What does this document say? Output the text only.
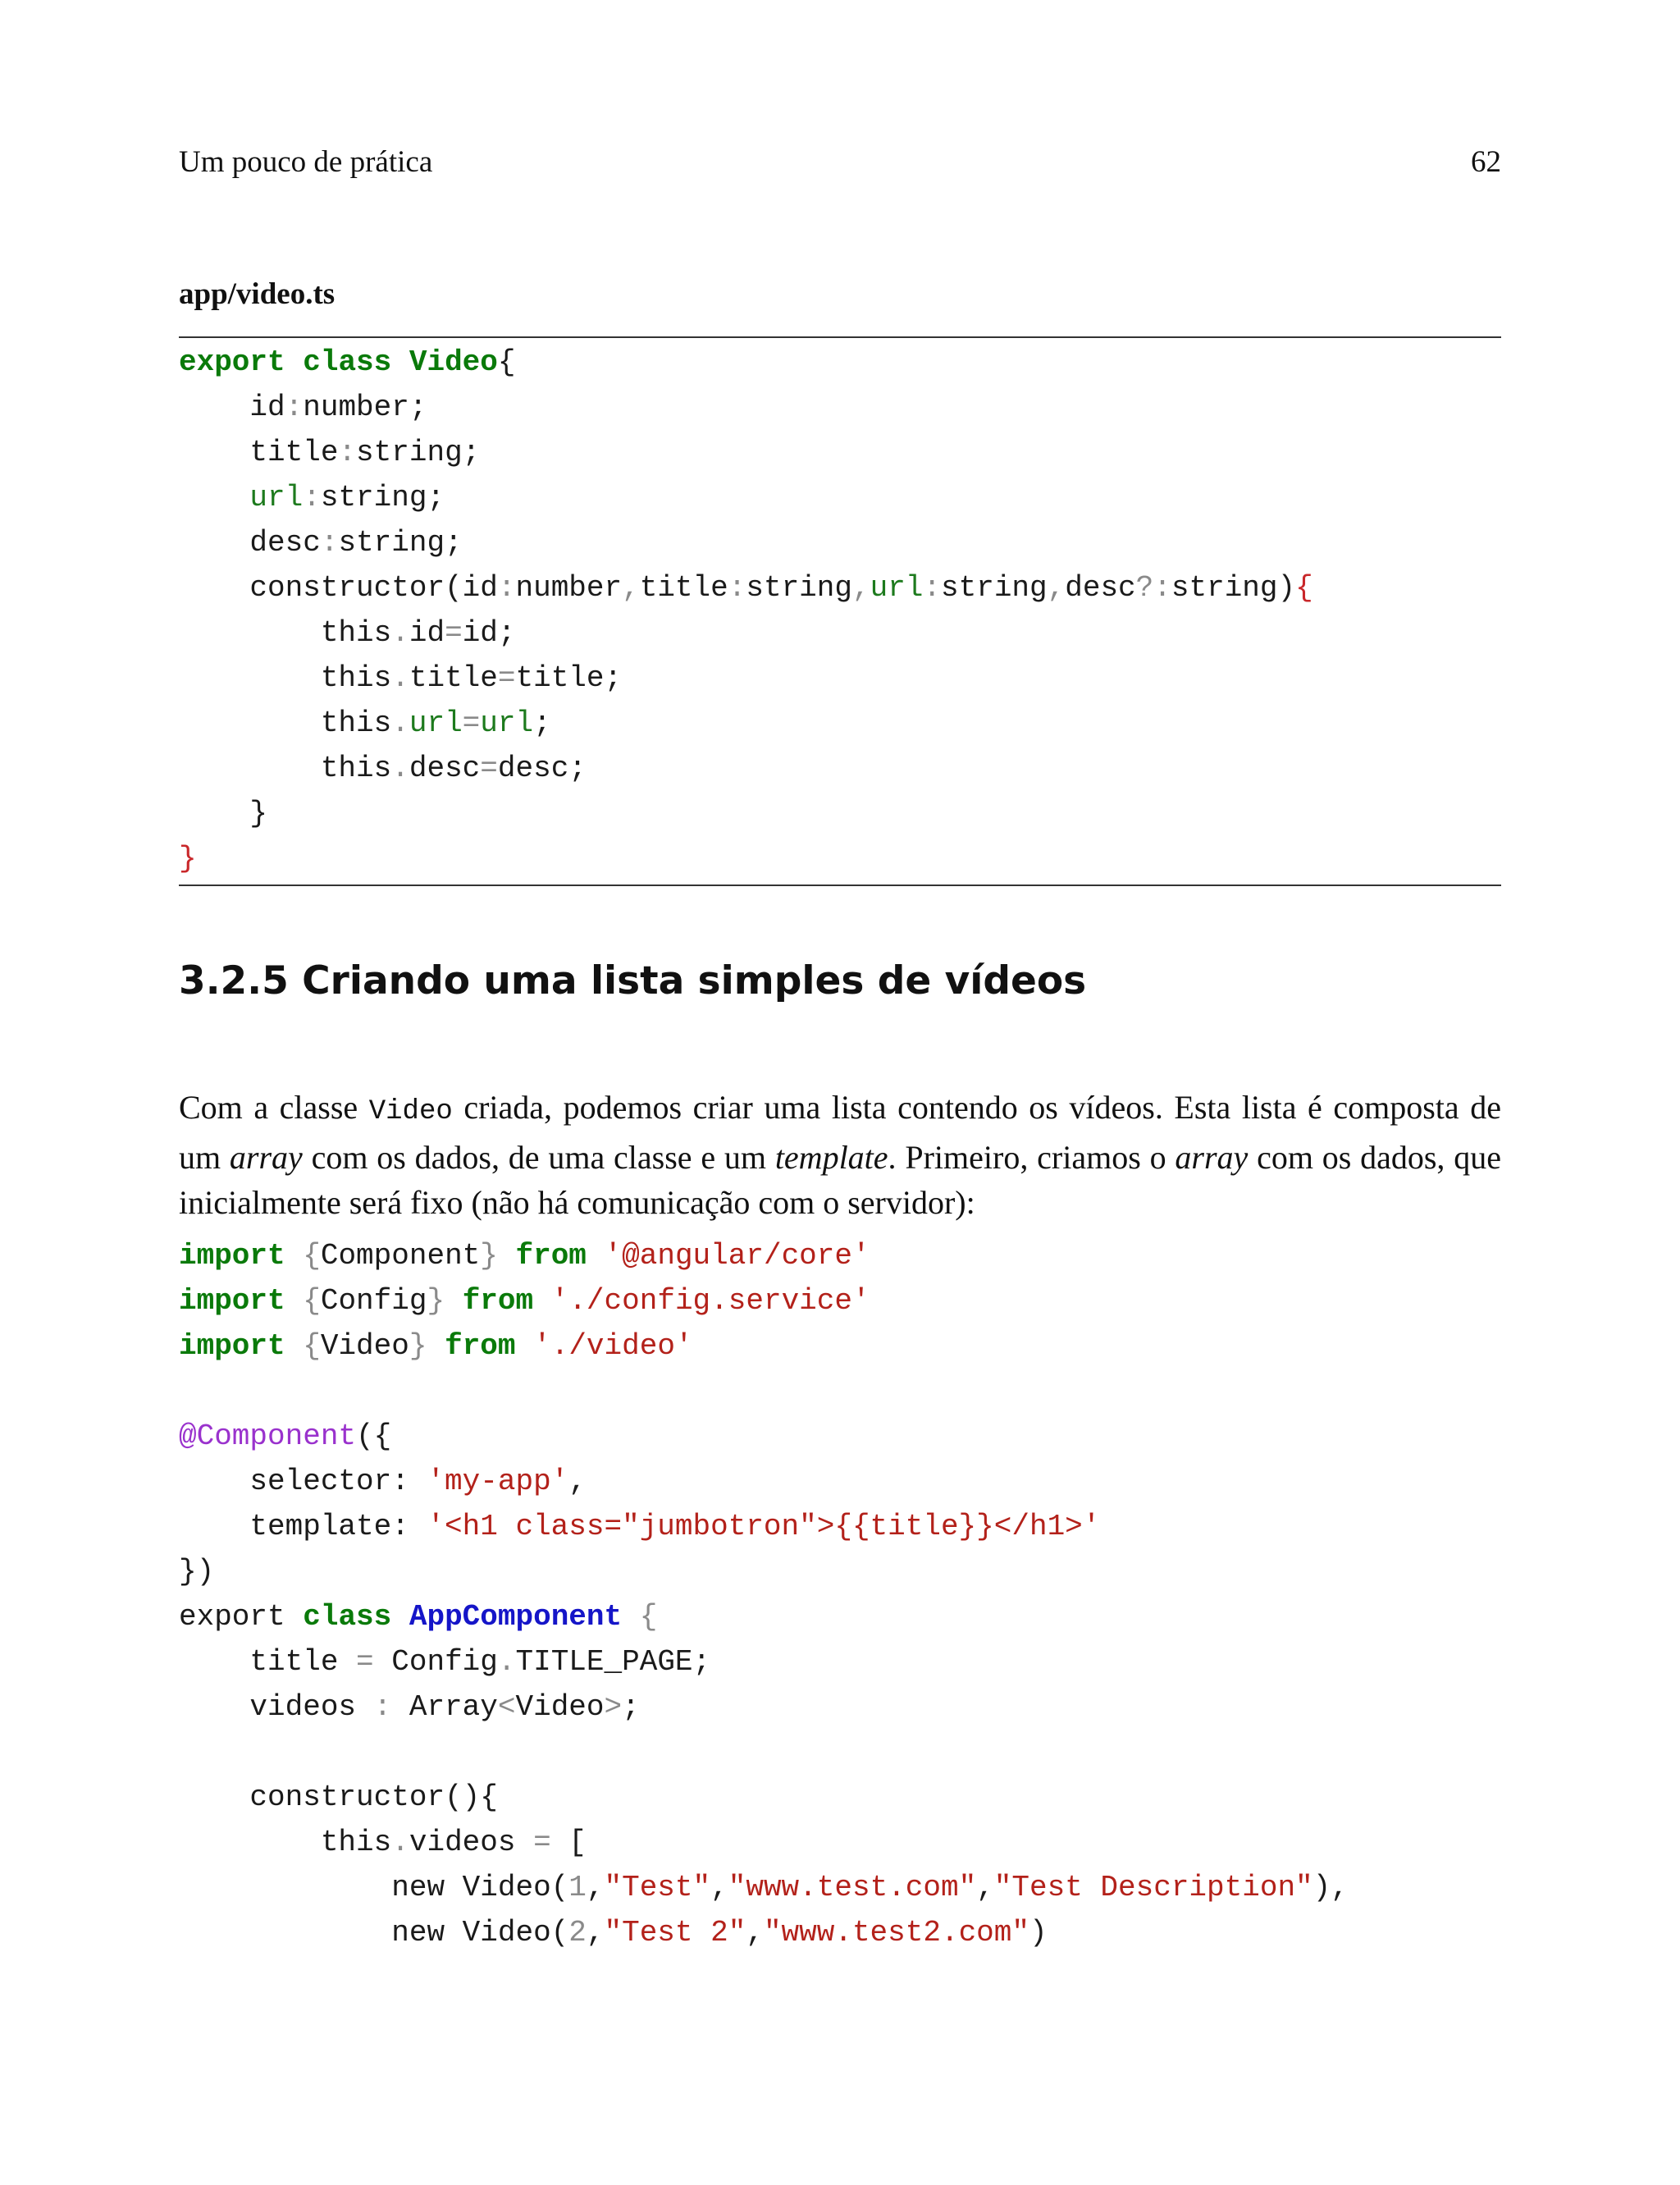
Um pouco de prática	62
app/video.ts
export class Video{
id:number;
title:string;
url:string;
desc:string;
constructor(id:number,title:string,url:string,desc?:string){
this.id=id;
this.title=title;
this.url=url;
this.desc=desc;
}
}
3.2.5 Criando uma lista simples de vídeos

Com a classe Video criada, podemos criar uma lista contendo os vídeos. Esta lista é composta de um array com os dados, de uma classe e um template. Primeiro, criamos o array com os dados, que inicialmente será fixo (não há comunicação com o servidor):

import {Component} from '@angular/core'
import {Config} from './config.service'
import {Video} from './video'
@Component({
selector: 'my-app',
template: '<h1 class="jumbotron">{{title}}</h1>'
})
export class AppComponent {
title = Config.TITLE_PAGE;
videos : Array<Video>;
constructor(){
this.videos = [
new Video(1,"Test","www.test.com","Test Description"),
new Video(2,"Test 2","www.test2.com")
